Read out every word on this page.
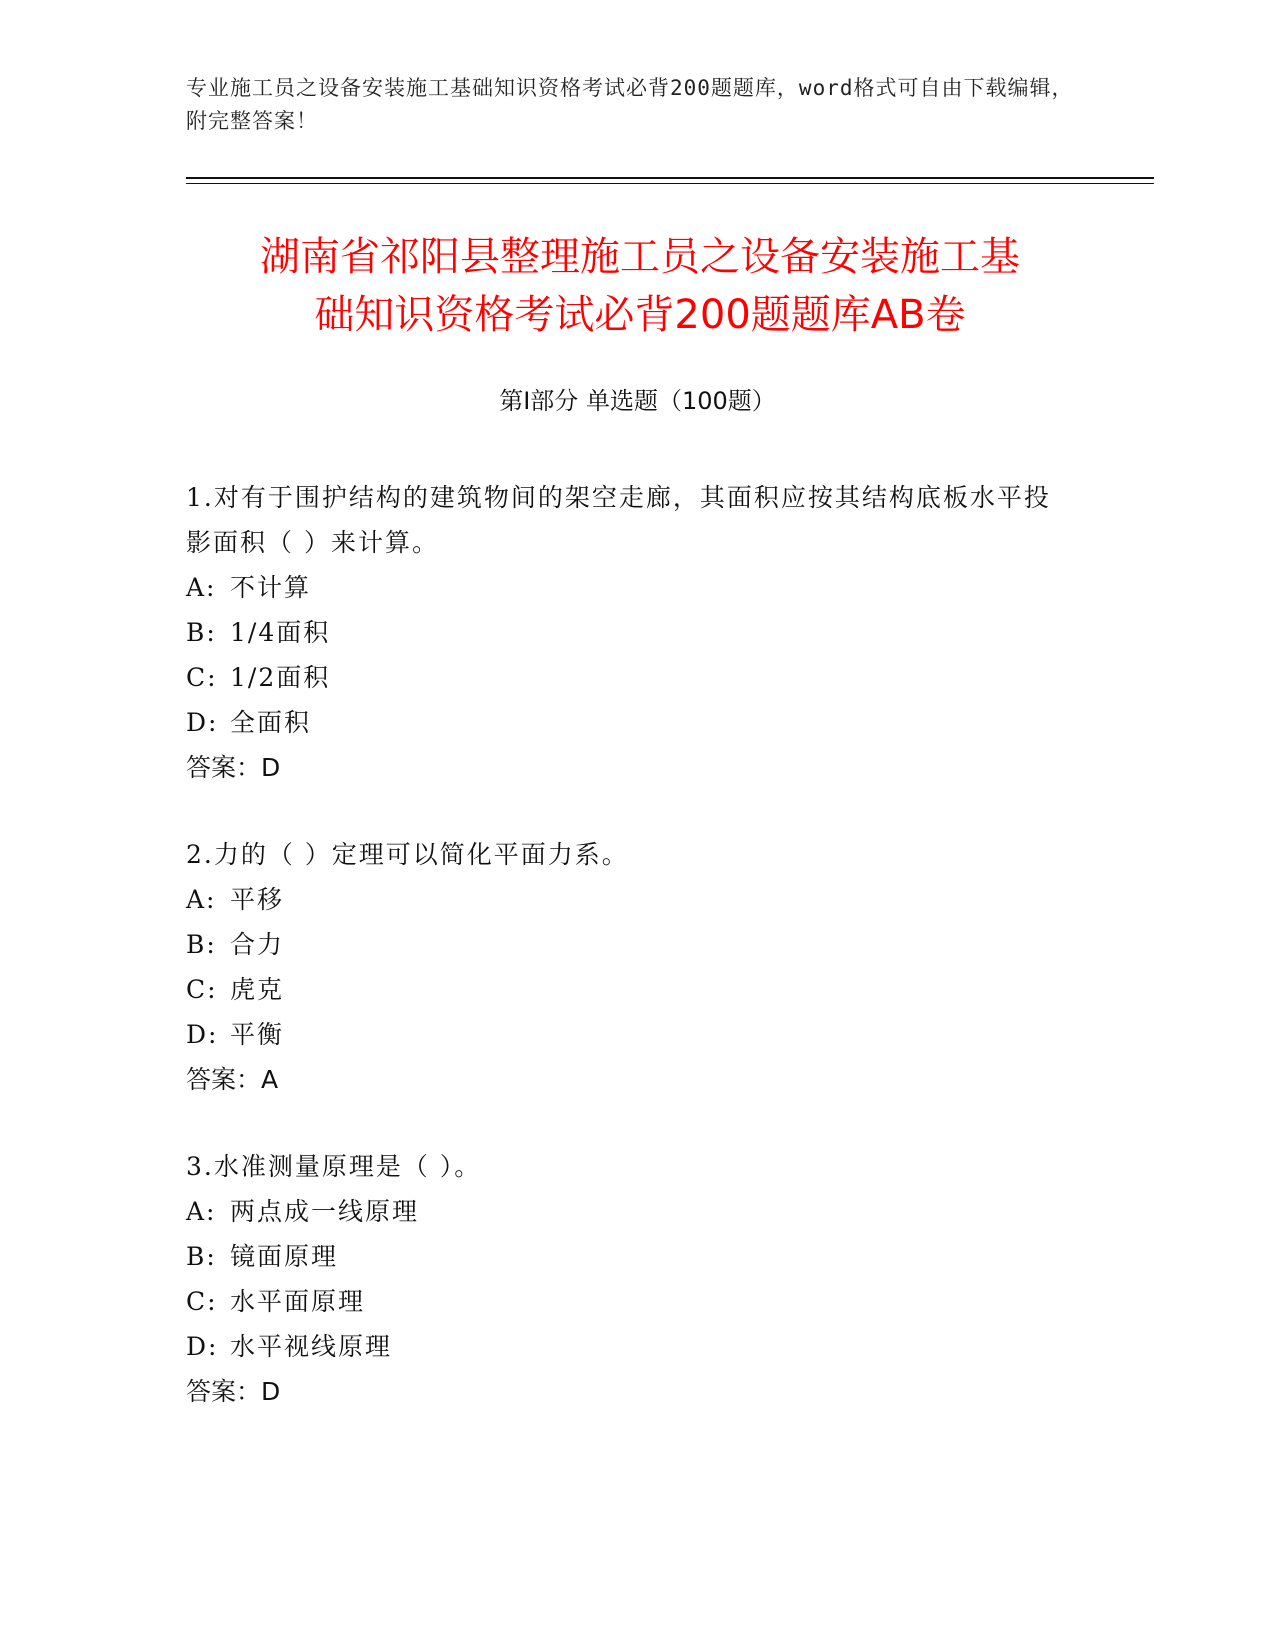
专业施工员之设备安装施工基础知识资格考试必背200题题库，word格式可自由下载编辑，附完整答案！
湖南省祁阳县整理施工员之设备安装施工基
础知识资格考试必背200题题库AB卷
第Ⅰ部分 单选题（100题）
1.对有于围护结构的建筑物间的架空走廊，其面积应按其结构底板水平投影面积（ ）来计算。
A: 不计算
B: 1/4面积
C: 1/2面积
D: 全面积
答案：D
2.力的（ ）定理可以简化平面力系。
A: 平移
B: 合力
C: 虎克
D: 平衡
答案：A
3.水准测量原理是（ ）。
A: 两点成一线原理
B: 镜面原理
C: 水平面原理
D: 水平视线原理
答案：D
